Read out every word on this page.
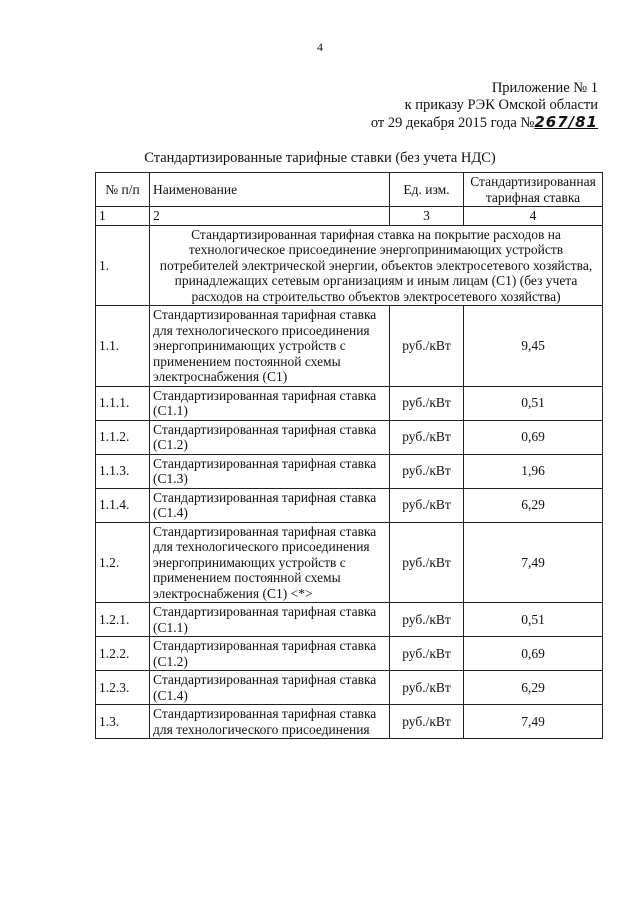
4
Приложение № 1
к приказу РЭК Омской области
от 29 декабря 2015 года №267/81
Стандартизированные тарифные ставки (без учета НДС)
№ п/п	Наименование	Ед. изм.	Стандартизированная тарифная ставка
1	2	3	4
1.	Стандартизированная тарифная ставка на покрытие расходов на технологическое присоединение энергопринимающих устройств потребителей электрической энергии, объектов электросетевого хозяйства, принадлежащих сетевым организациям и иным лицам (С1) (без учета расходов на строительство объектов электросетевого хозяйства)		
1.1.	Стандартизированная тарифная ставка для технологического присоединения энергопринимающих устройств с применением постоянной схемы электроснабжения (С1)	руб./кВт	9,45
1.1.1.	Стандартизированная тарифная ставка (С1.1)	руб./кВт	0,51
1.1.2.	Стандартизированная тарифная ставка (С1.2)	руб./кВт	0,69
1.1.3.	Стандартизированная тарифная ставка (С1.3)	руб./кВт	1,96
1.1.4.	Стандартизированная тарифная ставка (С1.4)	руб./кВт	6,29
1.2.	Стандартизированная тарифная ставка для технологического присоединения энергопринимающих устройств с применением постоянной схемы электроснабжения (С1) <*>	руб./кВт	7,49
1.2.1.	Стандартизированная тарифная ставка (С1.1)	руб./кВт	0,51
1.2.2.	Стандартизированная тарифная ставка (С1.2)	руб./кВт	0,69
1.2.3.	Стандартизированная тарифная ставка (С1.4)	руб./кВт	6,29
1.3.	Стандартизированная тарифная ставка для технологического присоединения	руб./кВт	7,49
